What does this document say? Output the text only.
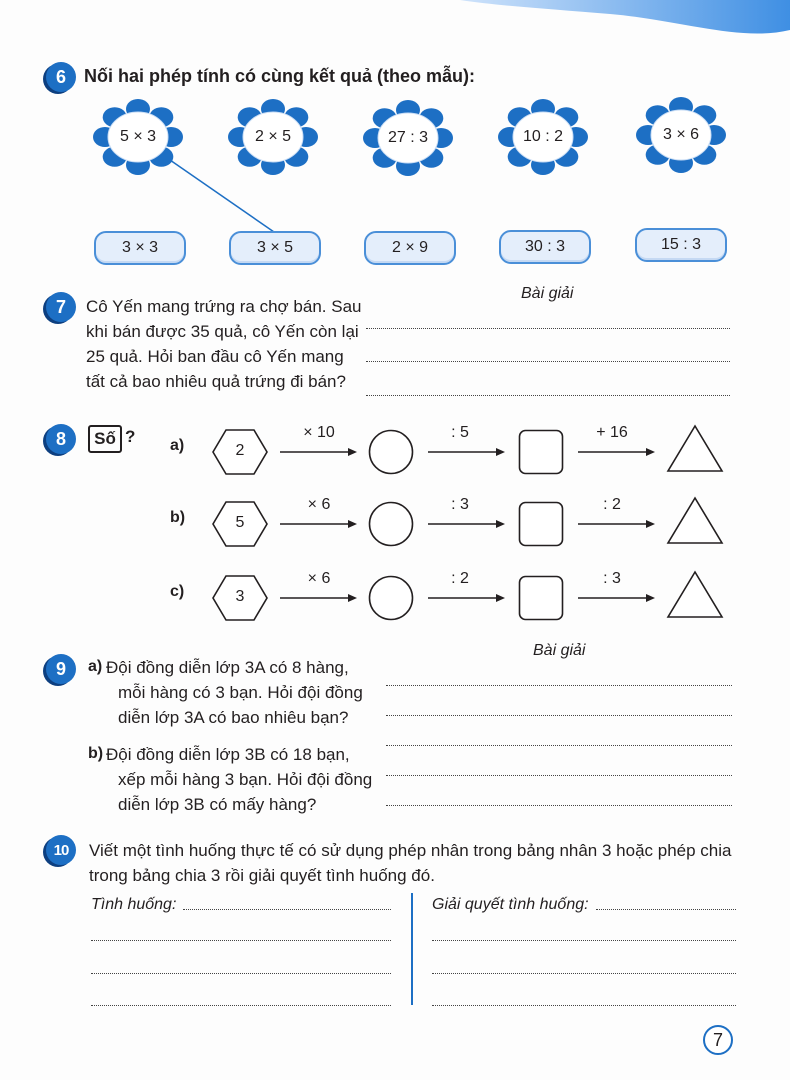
6	Nối hai phép tính có cùng kết quả (theo mẫu):
5 × 3	2 × 5	27 : 3	10 : 2	3 × 6
3 × 3	3 × 5	2 × 9	30 : 3	15 : 3
7	Cô Yến mang trứng ra chợ bán. Sau
khi bán được 35 quả, cô Yến còn lại
25 quả. Hỏi ban đầu cô Yến mang
tất cả bao nhiêu quả trứng đi bán?
Bài giải
8	Số ? a)	2
× 10	: 5	+ 16
b)	5
× 6	: 3	: 2
c)	3
× 6	: 2	: 3
9
Bài giải
a) Đội đồng diễn lớp 3A có 8 hàng,
mỗi hàng có 3 bạn. Hỏi đội đồng
diễn lớp 3A có bao nhiêu bạn?
b) Đội đồng diễn lớp 3B có 18 bạn,
xếp mỗi hàng 3 bạn. Hỏi đội đồng
diễn lớp 3B có mấy hàng?
10	Viết một tình huống thực tế có sử dụng phép nhân trong bảng nhân 3 hoặc phép chia
trong bảng chia 3 rồi giải quyết tình huống đó.
Tình huống:	Giải quyết tình huống:
7
